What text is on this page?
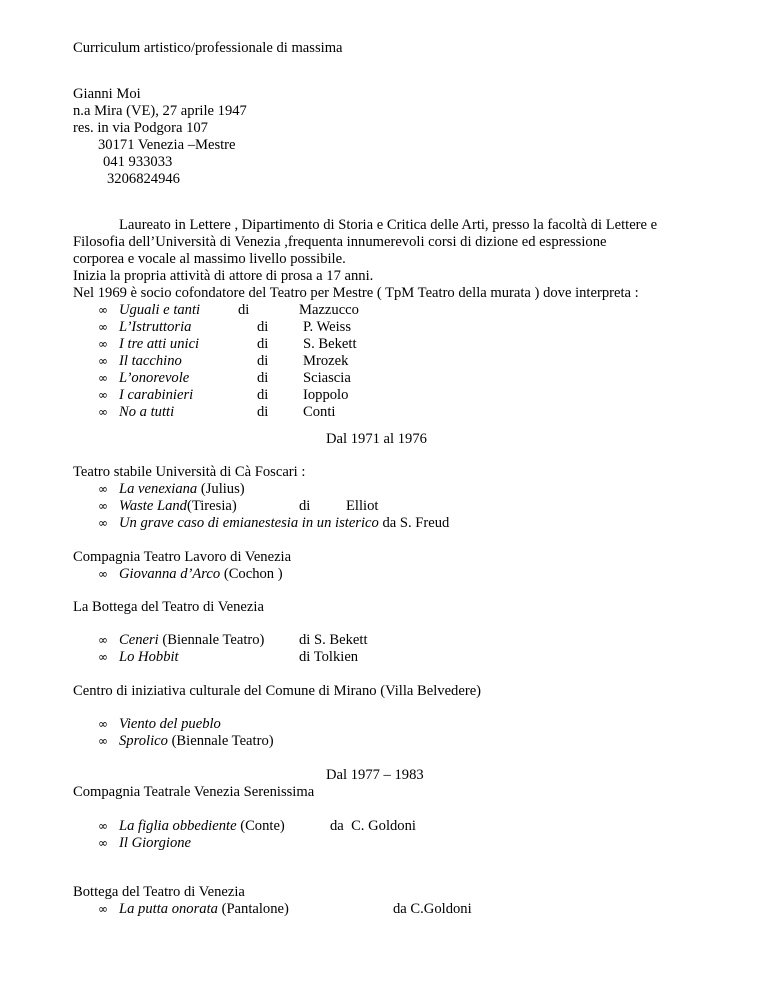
Curriculum artistico/professionale di massima
Gianni Moi
n.a Mira (VE), 27 aprile 1947
res. in via Podgora 107
30171 Venezia –Mestre
041 933033
3206824946
Laureato in Lettere , Dipartimento di Storia e Critica delle Arti, presso la facoltà di Lettere e
Filosofia dell’Università di Venezia ,frequenta innumerevoli corsi di dizione ed espressione
corporea e vocale al massimo livello possibile.
Inizia la propria attività di attore di prosa a 17 anni.
Nel 1969 è socio cofondatore del Teatro per Mestre ( TpM Teatro della murata ) dove interpreta :
∞ Uguali e tanti	di	Mazzucco
∞ L’Istruttoria	di P. Weiss
∞ I tre atti unici	di S. Bekett
∞ Il tacchino	di Mrozek
∞ L’onorevole	di Sciascia
∞ I carabinieri	di Ioppolo
∞ No a tutti	di Conti
Dal 1971 al 1976
Teatro stabile Università di Cà Foscari :
∞ La venexiana (Julius)
∞ Waste Land(Tiresia)	di Elliot
∞ Un grave caso di emianestesia in un isterico da S. Freud
Compagnia Teatro Lavoro di Venezia
∞ Giovanna d’Arco (Cochon )
La Bottega del Teatro di Venezia
∞ Ceneri (Biennale Teatro) di S. Bekett
∞ Lo Hobbit	di Tolkien
Centro di iniziativa culturale del Comune di Mirano (Villa Belvedere)
∞ Viento del pueblo
∞ Sprolico (Biennale Teatro)
Dal 1977 – 1983
Compagnia Teatrale Venezia Serenissima
∞ La figlia obbediente (Conte)	da  C. Goldoni
∞ Il Giorgione
Bottega del Teatro di Venezia
∞ La putta onorata (Pantalone)	da C.Goldoni
